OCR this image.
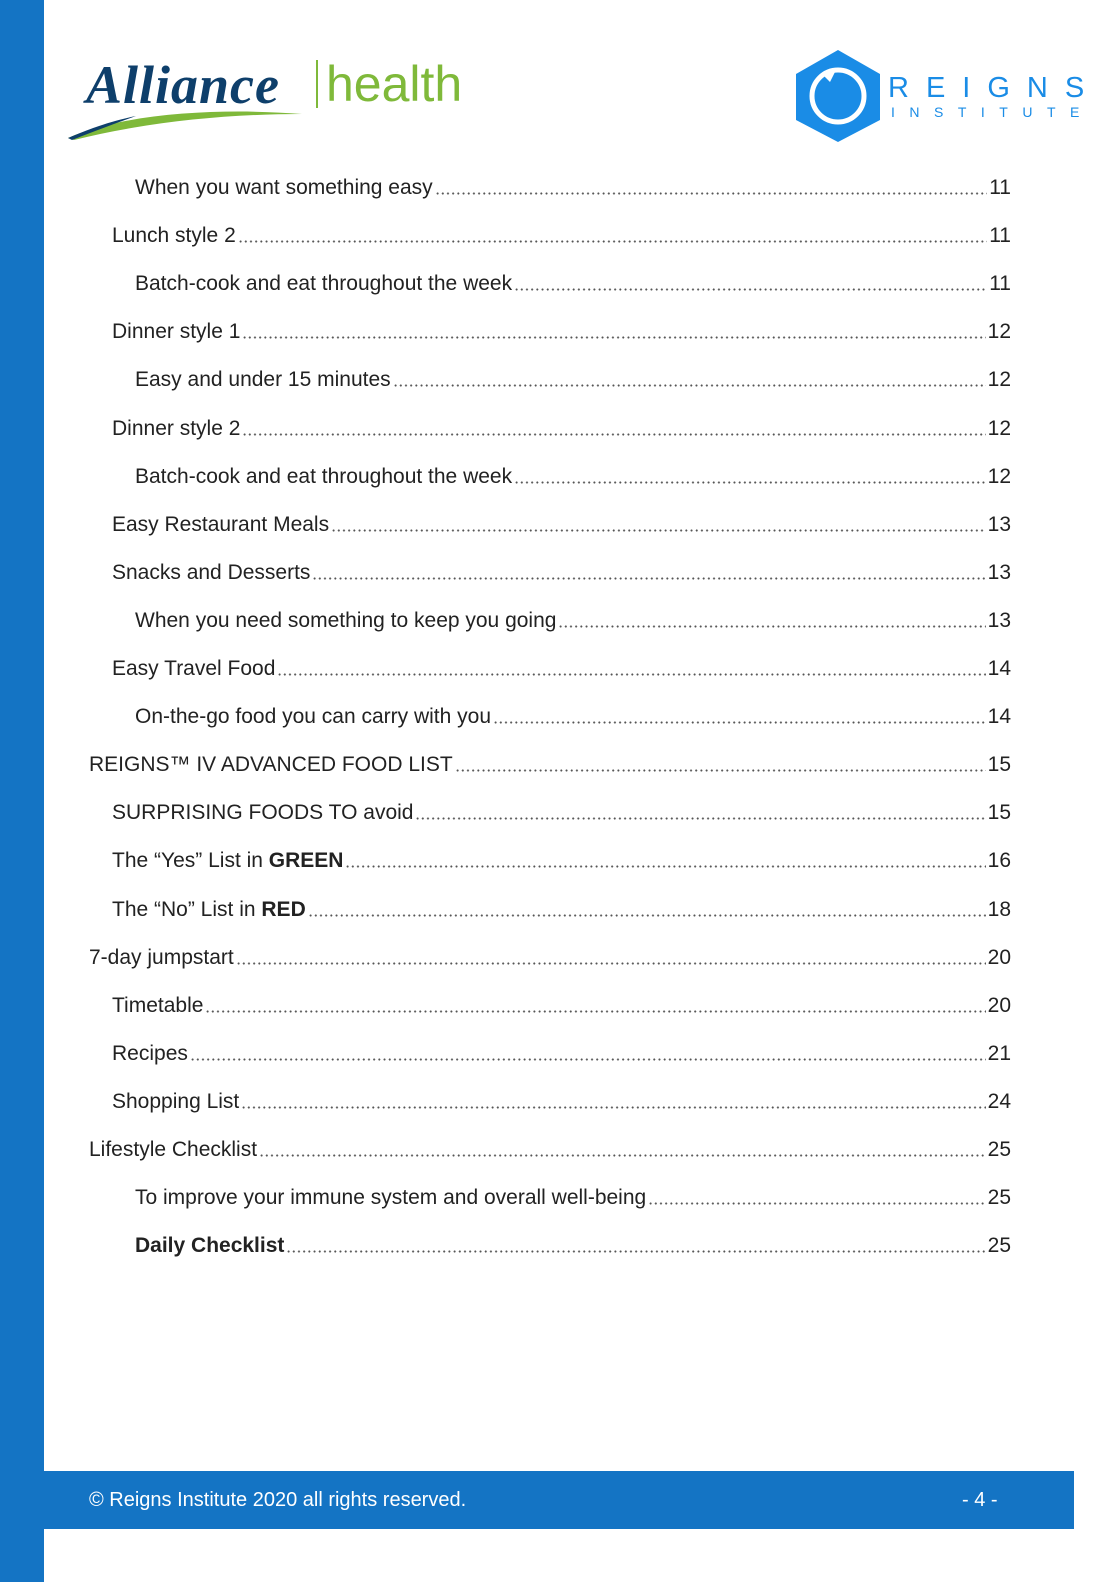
Alliance health	REIGNS
INSTITUTE
When you want something easy	11
Lunch style 2	11
Batch-cook and eat throughout the week	11
Dinner style 1	12
Easy and under 15 minutes	12
Dinner style 2	12
Batch-cook and eat throughout the week	12
Easy Restaurant Meals	13
Snacks and Desserts	13
When you need something to keep you going	13
Easy Travel Food	14
On-the-go food you can carry with you	14
REIGNS™ IV ADVANCED FOOD LIST	15
SURPRISING FOODS TO avoid	15
The “Yes” List in GREEN	16
The “No” List in RED	18
7-day jumpstart	20
Timetable	20
Recipes	21
Shopping List	24
Lifestyle Checklist	25
To improve your immune system and overall well-being	25
Daily Checklist	25
© Reigns Institute 2020 all rights reserved.	- 4 -
